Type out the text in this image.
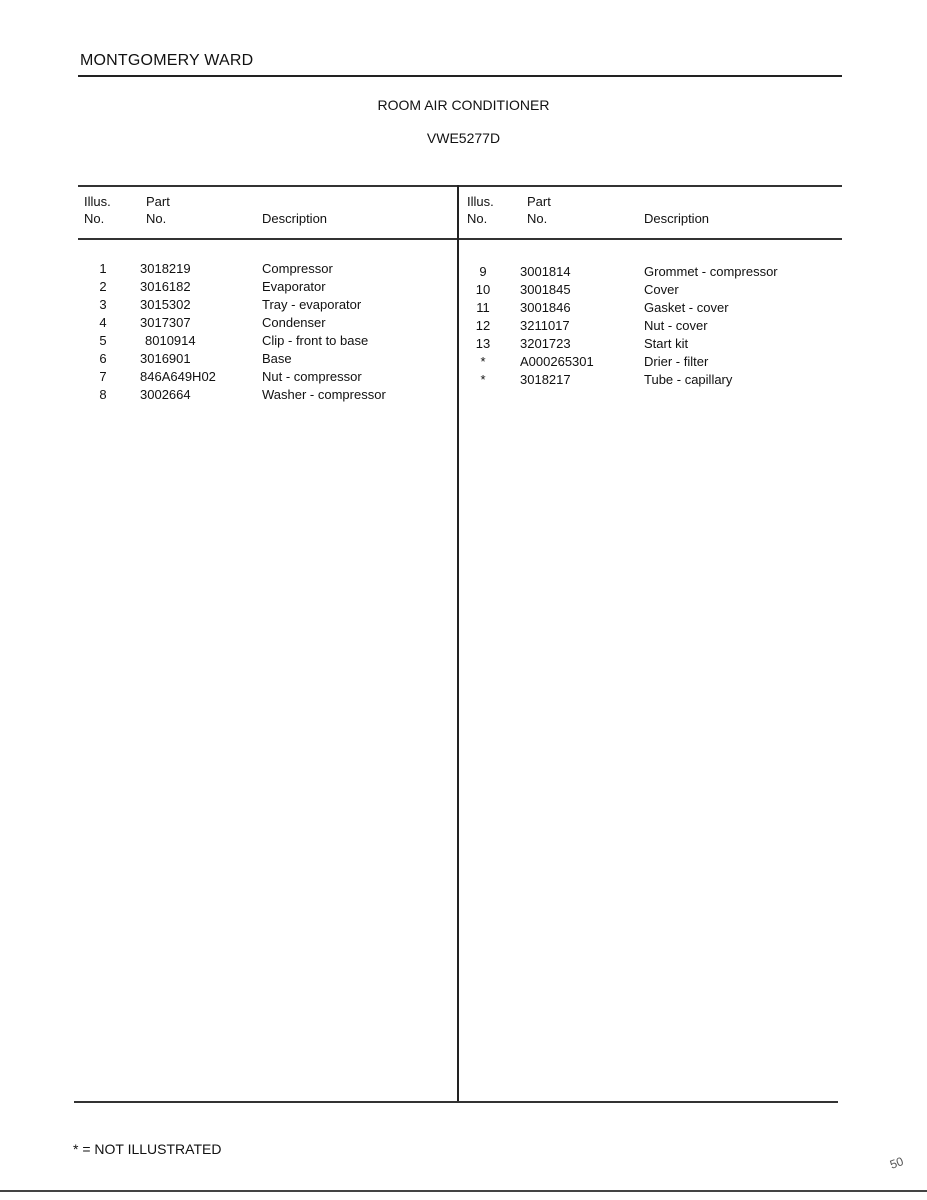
MONTGOMERY WARD
ROOM AIR CONDITIONER
VWE5277D
Illus.
No.
Part
No.	Description
Illus.
No.
Part
No.	Description
1	3018219	Compressor
2	3016182	Evaporator
3	3015302	Tray - evaporator
4	3017307	Condenser
5	8010914	Clip - front to base
6	3016901	Base
7	846A649H02	Nut - compressor
8	3002664	Washer - compressor
9	3001814	Grommet - compressor
10	3001845	Cover
11	3001846	Gasket - cover
12	3211017	Nut - cover
13	3201723	Start kit
*	A000265301	Drier - filter
*	3018217	Tube - capillary
* = NOT ILLUSTRATED
50
